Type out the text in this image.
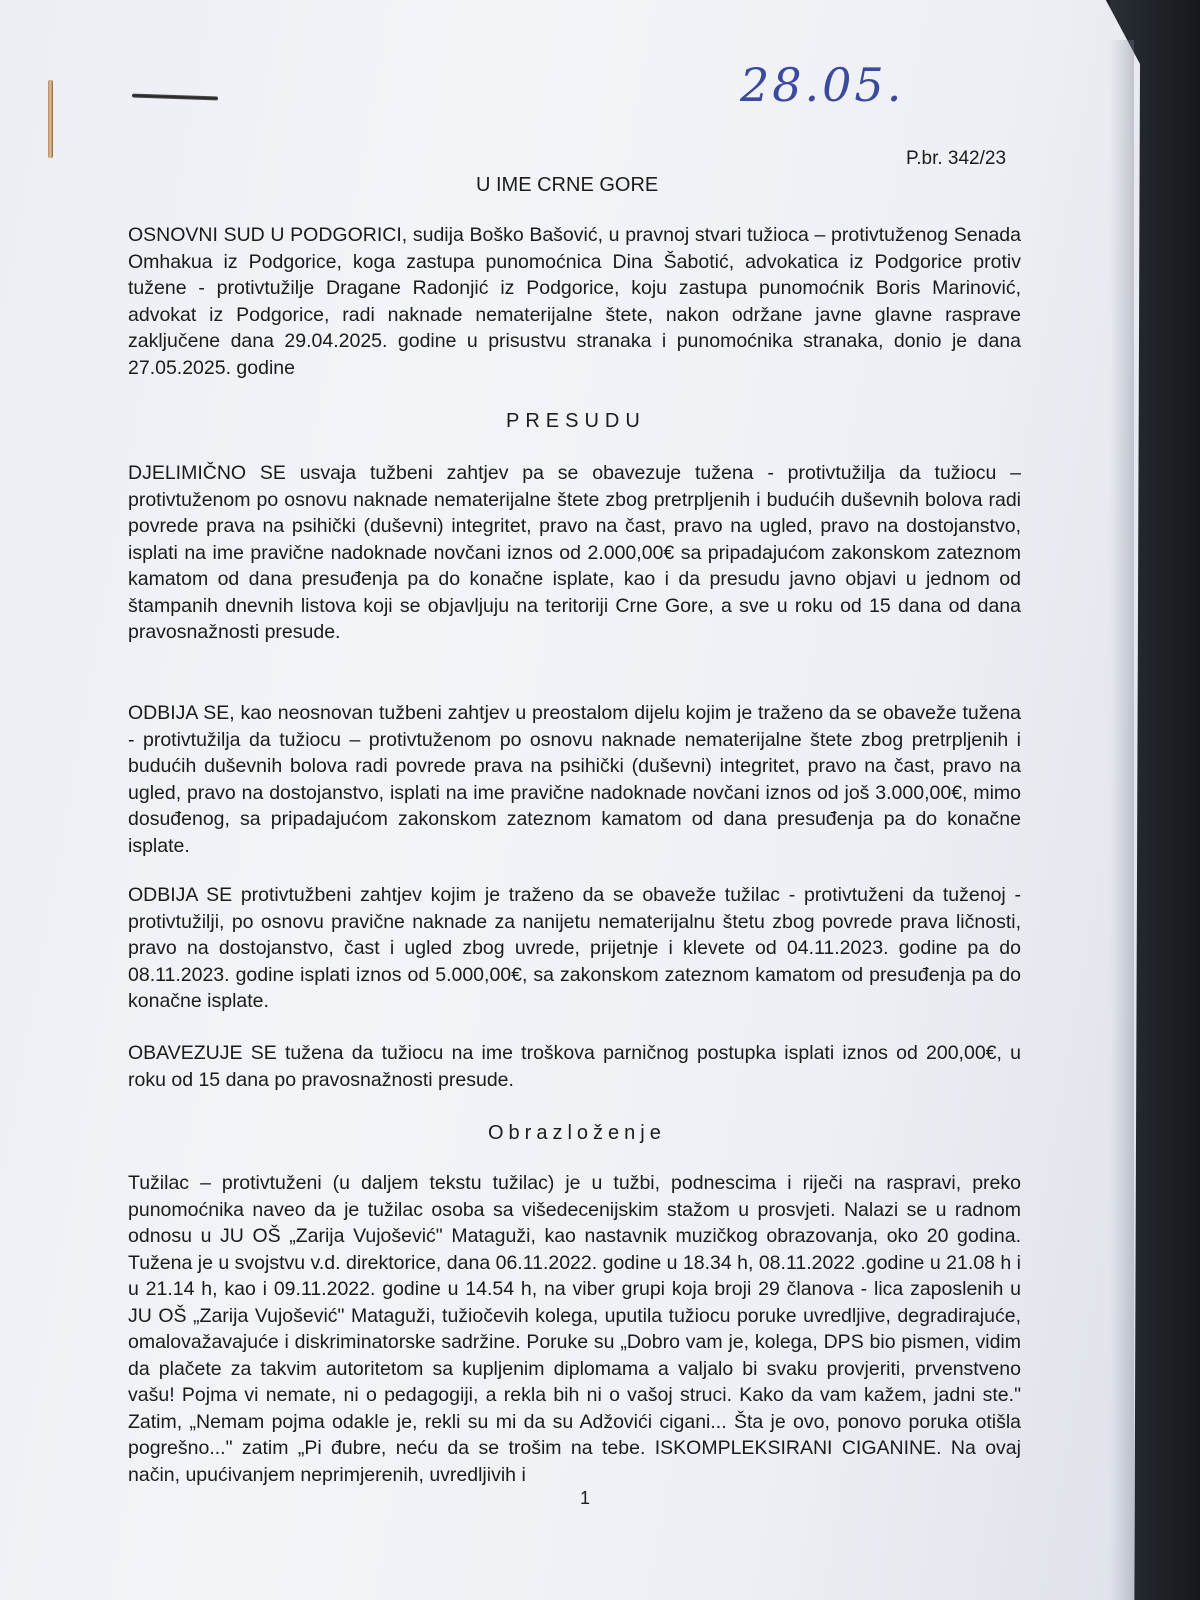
28.05.
P.br. 342/23
U IME CRNE GORE

OSNOVNI SUD U PODGORICI, sudija Boško Bašović, u pravnoj stvari tužioca – protivtuženog Senada Omhakua iz Podgorice, koga zastupa punomoćnica Dina Šabotić, advokatica iz Podgorice protiv tužene - protivtužilje Dragane Radonjić iz Podgorice, koju zastupa punomoćnik Boris Marinović, advokat iz Podgorice, radi naknade nematerijalne štete, nakon održane javne glavne rasprave zaključene dana 29.04.2025. godine u prisustvu stranaka i punomoćnika stranaka, donio je dana 27.05.2025. godine

PRESUDU

DJELIMIČNO SE usvaja tužbeni zahtjev pa se obavezuje tužena - protivtužilja da tužiocu – protivtuženom po osnovu naknade nematerijalne štete zbog pretrpljenih i budućih duševnih bolova radi povrede prava na psihički (duševni) integritet, pravo na čast, pravo na ugled, pravo na dostojanstvo, isplati na ime pravične nadoknade novčani iznos od 2.000,00€ sa pripadajućom zakonskom zateznom kamatom od dana presuđenja pa do konačne isplate, kao i da presudu javno objavi u jednom od štampanih dnevnih listova koji se objavljuju na teritoriji Crne Gore, a sve u roku od 15 dana od dana pravosnažnosti presude.

ODBIJA SE, kao neosnovan tužbeni zahtjev u preostalom dijelu kojim je traženo da se obaveže tužena - protivtužilja da tužiocu – protivtuženom po osnovu naknade nematerijalne štete zbog pretrpljenih i budućih duševnih bolova radi povrede prava na psihički (duševni) integritet, pravo na čast, pravo na ugled, pravo na dostojanstvo, isplati na ime pravične nadoknade novčani iznos od još 3.000,00€, mimo dosuđenog, sa pripadajućom zakonskom zateznom kamatom od dana presuđenja pa do konačne isplate.

ODBIJA SE protivtužbeni zahtjev kojim je traženo da se obaveže tužilac - protivtuženi da tuženoj - protivtužilji, po osnovu pravične naknade za nanijetu nematerijalnu štetu zbog povrede prava ličnosti, pravo na dostojanstvo, čast i ugled zbog uvrede, prijetnje i klevete od 04.11.2023. godine pa do 08.11.2023. godine isplati iznos od 5.000,00€, sa zakonskom zateznom kamatom od presuđenja pa do konačne isplate.

OBAVEZUJE SE tužena da tužiocu na ime troškova parničnog postupka isplati iznos od 200,00€, u roku od 15 dana po pravosnažnosti presude.

Obrazloženje

Tužilac – protivtuženi (u daljem tekstu tužilac) je u tužbi, podnescima i riječi na raspravi, preko punomoćnika naveo da je tužilac osoba sa višedecenijskim stažom u prosvjeti. Nalazi se u radnom odnosu u JU OŠ „Zarija Vujošević" Mataguži, kao nastavnik muzičkog obrazovanja, oko 20 godina. Tužena je u svojstvu v.d. direktorice, dana 06.11.2022. godine u 18.34 h, 08.11.2022 .godine u 21.08 h i u 21.14 h, kao i 09.11.2022. godine u 14.54 h, na viber grupi koja broji 29 članova - lica zaposlenih u JU OŠ „Zarija Vujošević" Mataguži, tužiočevih kolega, uputila tužiocu poruke uvredljive, degradirajuće, omalovažavajuće i diskriminatorske sadržine. Poruke su „Dobro vam je, kolega, DPS bio pismen, vidim da plačete za takvim autoritetom sa kupljenim diplomama a valjalo bi svaku provjeriti, prvenstveno vašu! Pojma vi nemate, ni o pedagogiji, a rekla bih ni o vašoj struci. Kako da vam kažem, jadni ste." Zatim, „Nemam pojma odakle je, rekli su mi da su Adžovići cigani... Šta je ovo, ponovo poruka otišla pogrešno..." zatim „Pi đubre, neću da se trošim na tebe. ISKOMPLEKSIRANI CIGANINE. Na ovaj način, upućivanjem neprimjerenih, uvredljivih i

1
